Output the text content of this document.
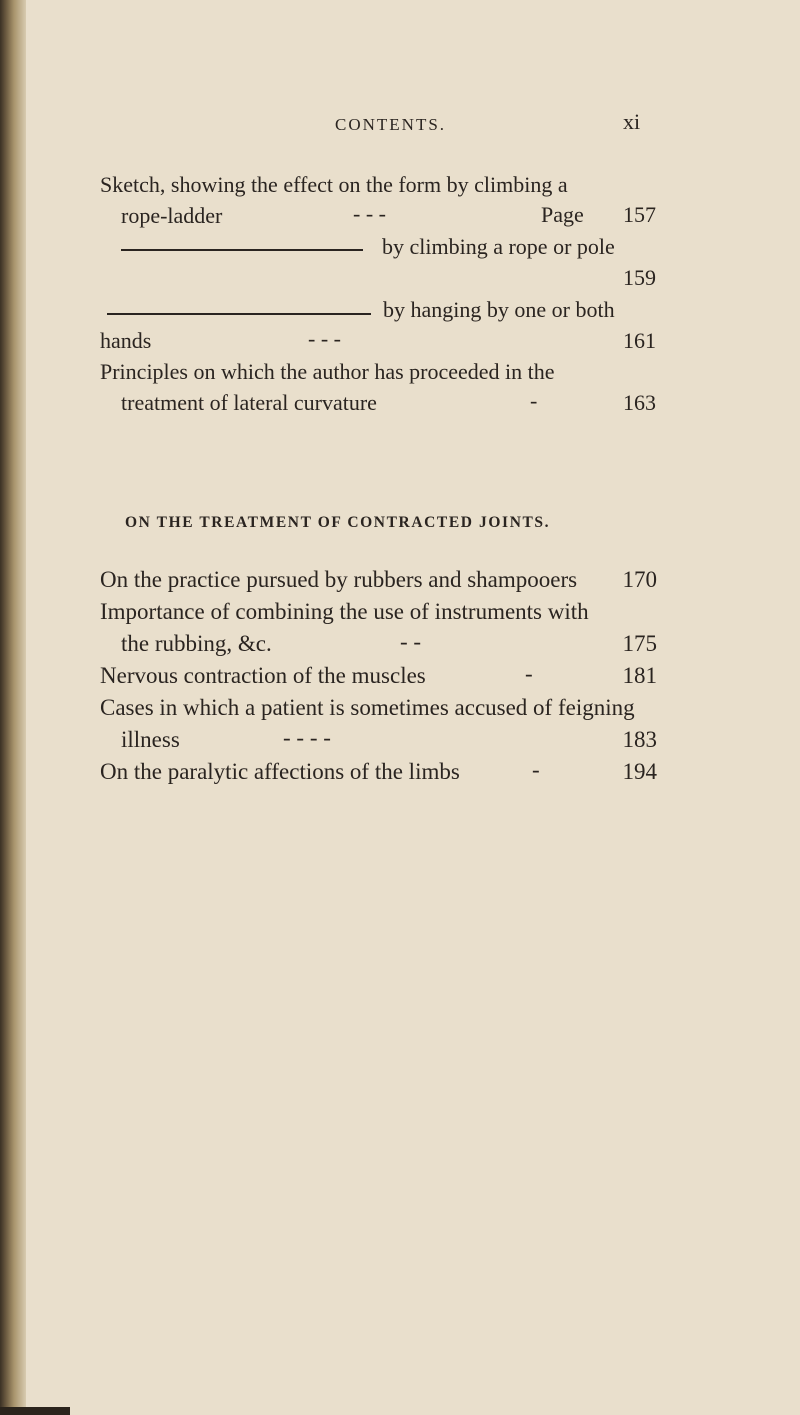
CONTENTS.	xi
Sketch, showing the effect on the form by climbing a
rope-ladder	- - -	Page	157
by climbing a rope or pole
159
by hanging by one or both
hands	- - -	161
Principles on which the author has proceeded in the
treatment of lateral curvature	-	163
ON THE TREATMENT OF CONTRACTED JOINTS.
On the practice pursued by rubbers and shampooers	170
Importance of combining the use of instruments with
the rubbing, &c.	- -	175
Nervous contraction of the muscles	-	181
Cases in which a patient is sometimes accused of feigning
illness	- - - -	183
On the paralytic affections of the limbs	-	194
